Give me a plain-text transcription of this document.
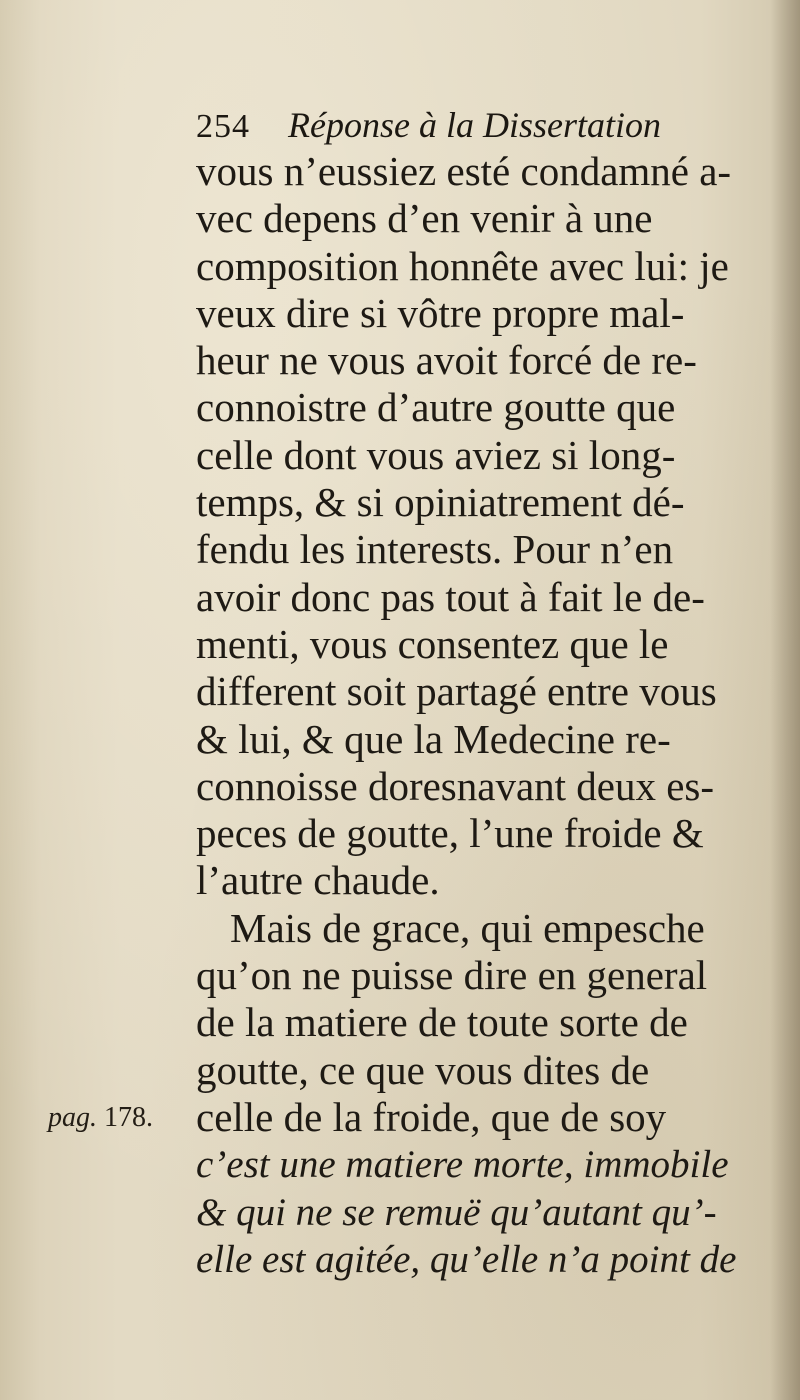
254 Réponse à la Dissertation
pag. 178.
vous n’eussiez esté condamné a-
vec depens d’en venir à une
composition honnête avec lui: je
veux dire si vôtre propre mal-
heur ne vous avoit forcé de re-
connoistre d’autre goutte que
celle dont vous aviez si long-
temps, & si opiniatrement dé-
fendu les interests. Pour n’en
avoir donc pas tout à fait le de-
menti, vous consentez que le
different soit partagé entre vous
& lui, & que la Medecine re-
connoisse doresnavant deux es-
peces de goutte, l’une froide &
l’autre chaude.
Mais de grace, qui empesche
qu’on ne puisse dire en general
de la matiere de toute sorte de
goutte, ce que vous dites de
celle de la froide, que de soy
c’est une matiere morte, immobile
& qui ne se remuë qu’autant qu’-
elle est agitée, qu’elle n’a point de
